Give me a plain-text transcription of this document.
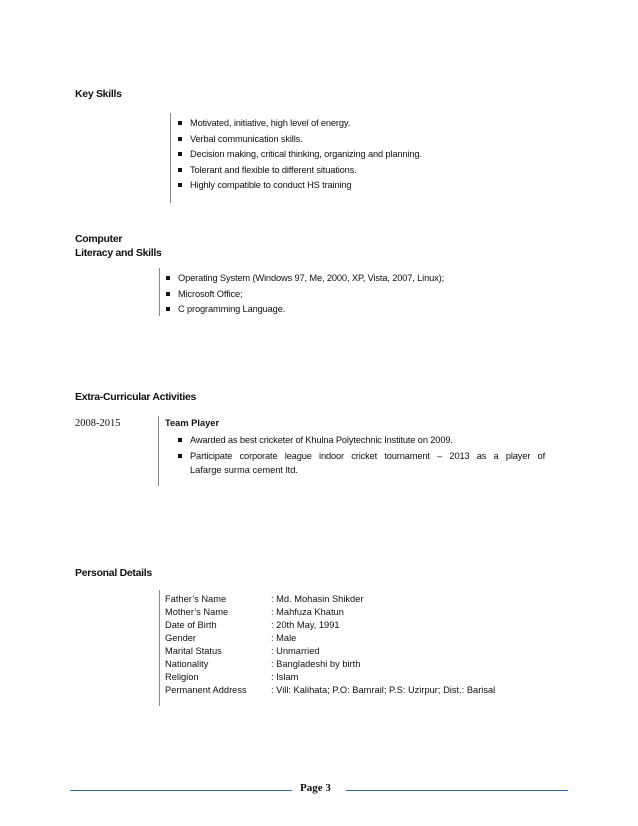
Key Skills
Motivated, initiative, high level of energy.
Verbal communication skills.
Decision making, critical thinking, organizing and planning.
Tolerant and flexible to different situations.
Highly compatible to conduct HS training
Computer
Literacy and Skills
Operating System (Windows 97, Me, 2000, XP, Vista, 2007, Linux);
Microsoft Office;
C programming Language.
Extra-Curricular Activities
2008-2015	Team Player
Awarded as best cricketer of Khulna Polytechnic Institute on 2009.
Participate corporate league indoor cricket tournament – 2013 as a player of
Lafarge surma cement ltd.
Personal Details
Father’s Name	: Md. Mohasin Shikder
Mother’s Name	: Mahfuza Khatun
Date of Birth	: 20th May, 1991
Gender	: Male
Marital Status	: Unmarried
Nationality	: Bangladeshi by birth
Religion	: Islam
Permanent Address	: Vill: Kalihata; P.O: Bamrail; P.S: Uzirpur; Dist.: Barisal
Page 3
